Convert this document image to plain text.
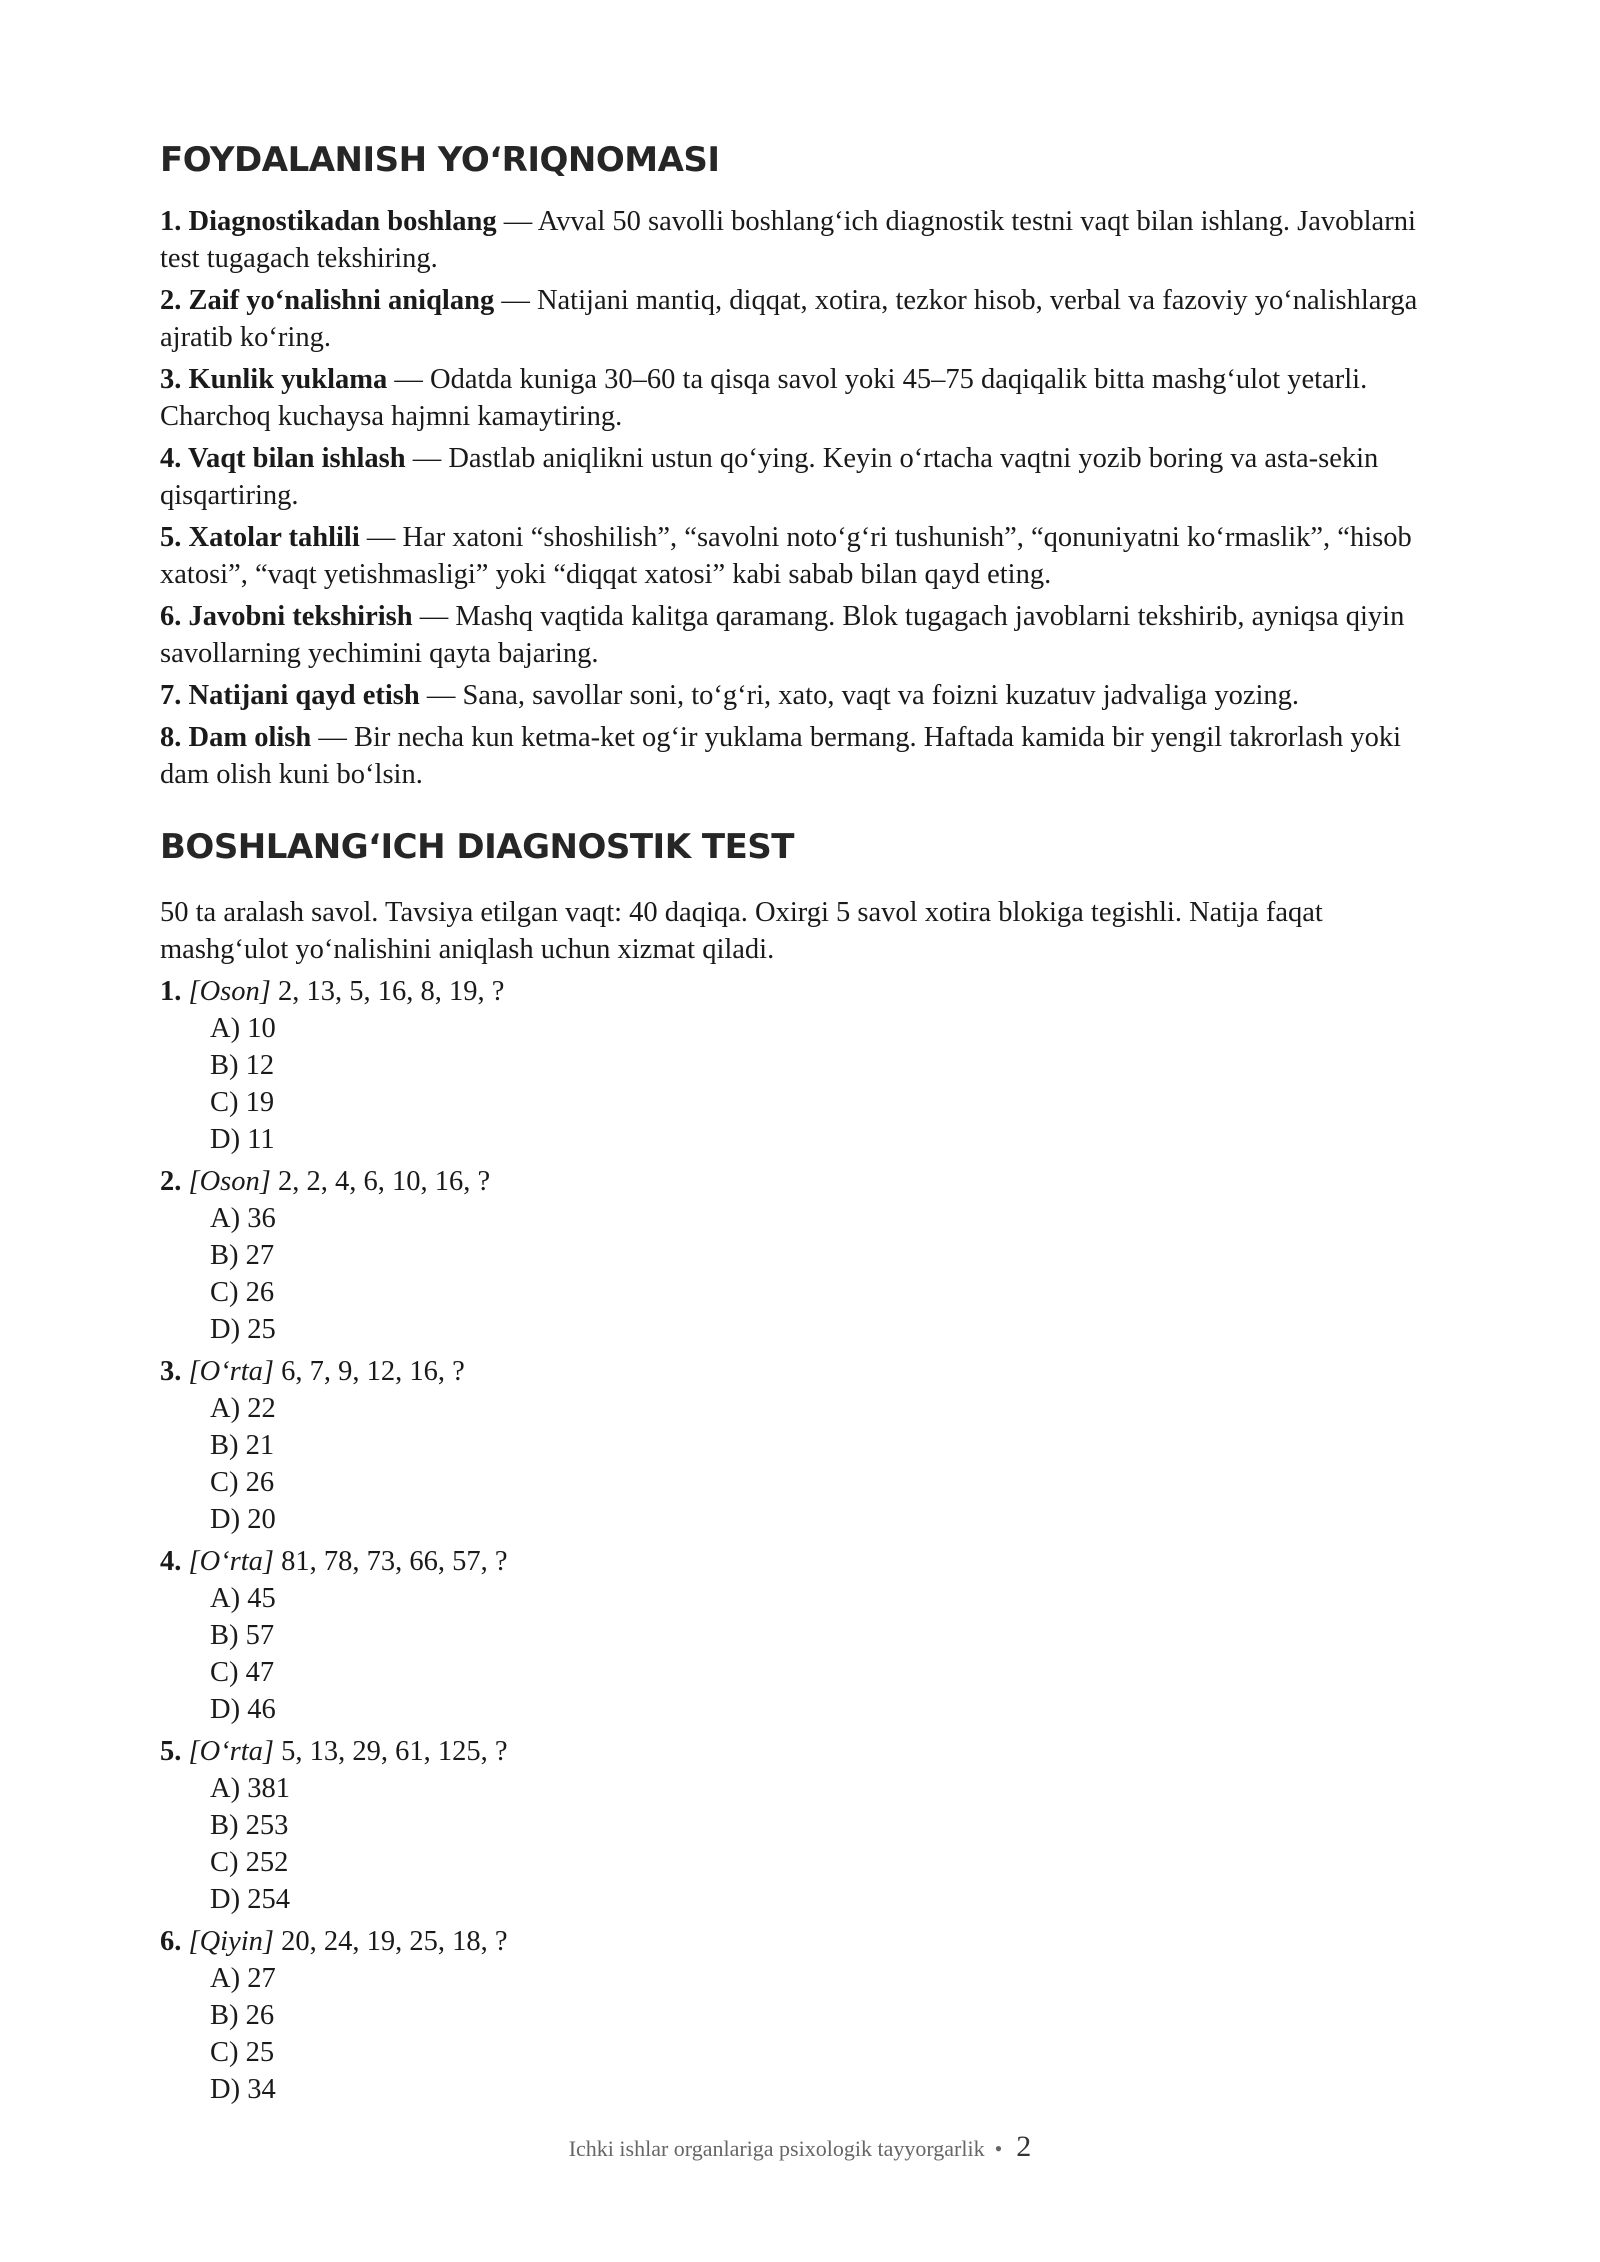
FOYDALANISH YOʻRIQNOMASI

1. Diagnostikadan boshlang — Avval 50 savolli boshlangʻich diagnostik testni vaqt bilan ishlang. Javoblarni test tugagach tekshiring.

2. Zaif yoʻnalishni aniqlang — Natijani mantiq, diqqat, xotira, tezkor hisob, verbal va fazoviy yoʻnalishlarga ajratib koʻring.

3. Kunlik yuklama — Odatda kuniga 30–60 ta qisqa savol yoki 45–75 daqiqalik bitta mashgʻulot yetarli. Charchoq kuchaysa hajmni kamaytiring.

4. Vaqt bilan ishlash — Dastlab aniqlikni ustun qoʻying. Keyin oʻrtacha vaqtni yozib boring va asta-sekin qisqartiring.

5. Xatolar tahlili — Har xatoni “shoshilish”, “savolni notoʻgʻri tushunish”, “qonuniyatni koʻrmaslik”, “hisob xatosi”, “vaqt yetishmasligi” yoki “diqqat xatosi” kabi sabab bilan qayd eting.

6. Javobni tekshirish — Mashq vaqtida kalitga qaramang. Blok tugagach javoblarni tekshirib, ayniqsa qiyin savollarning yechimini qayta bajaring.

7. Natijani qayd etish — Sana, savollar soni, toʻgʻri, xato, vaqt va foizni kuzatuv jadvaliga yozing.

8. Dam olish — Bir necha kun ketma-ket ogʻir yuklama bermang. Haftada kamida bir yengil takrorlash yoki dam olish kuni boʻlsin.

BOSHLANGʻICH DIAGNOSTIK TEST

50 ta aralash savol. Tavsiya etilgan vaqt: 40 daqiqa. Oxirgi 5 savol xotira blokiga tegishli. Natija faqat mashgʻulot yoʻnalishini aniqlash uchun xizmat qiladi.

1. [Oson] 2, 13, 5, 16, 8, 19, ?
A) 10
B) 12
C) 19
D) 11
2. [Oson] 2, 2, 4, 6, 10, 16, ?
A) 36
B) 27
C) 26
D) 25
3. [Oʻrta] 6, 7, 9, 12, 16, ?
A) 22
B) 21
C) 26
D) 20
4. [Oʻrta] 81, 78, 73, 66, 57, ?
A) 45
B) 57
C) 47
D) 46
5. [Oʻrta] 5, 13, 29, 61, 125, ?
A) 381
B) 253
C) 252
D) 254
6. [Qiyin] 20, 24, 19, 25, 18, ?
A) 27
B) 26
C) 25
D) 34
Ichki ishlar organlariga psixologik tayyorgarlik • 2
